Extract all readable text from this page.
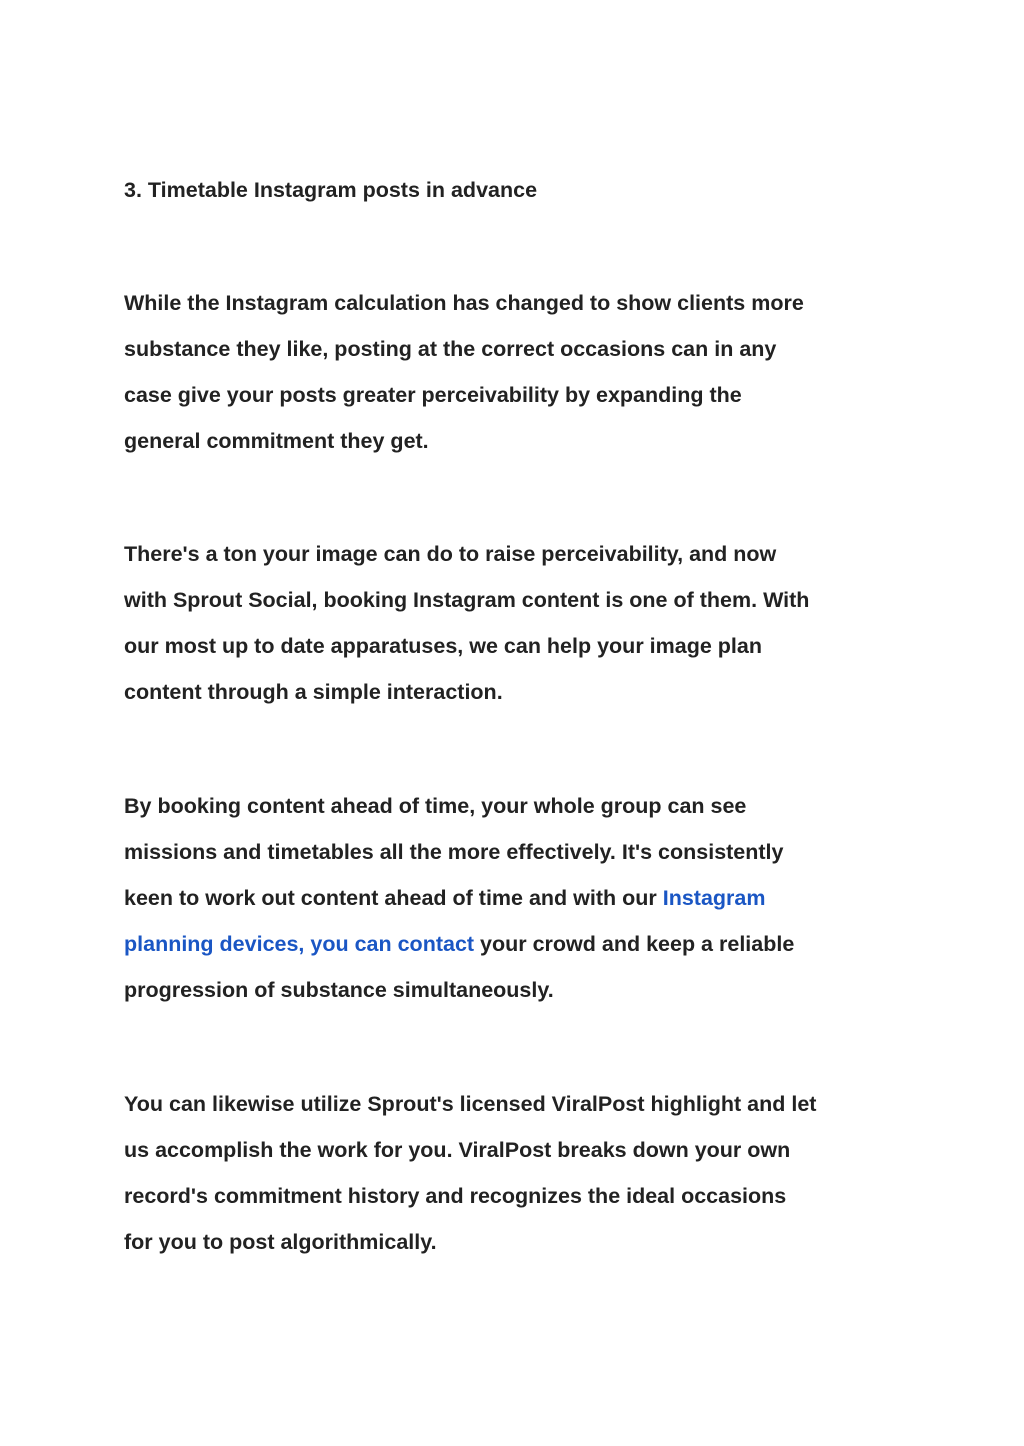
3. Timetable Instagram posts in advance

While the Instagram calculation has changed to show clients more
substance they like, posting at the correct occasions can in any
case give your posts greater perceivability by expanding the
general commitment they get.

There's a ton your image can do to raise perceivability, and now
with Sprout Social, booking Instagram content is one of them. With
our most up to date apparatuses, we can help your image plan
content through a simple interaction.

By booking content ahead of time, your whole group can see
missions and timetables all the more effectively. It's consistently
keen to work out content ahead of time and with our Instagram
planning devices, you can contact your crowd and keep a reliable
progression of substance simultaneously.

You can likewise utilize Sprout's licensed ViralPost highlight and let
us accomplish the work for you. ViralPost breaks down your own
record's commitment history and recognizes the ideal occasions
for you to post algorithmically.
